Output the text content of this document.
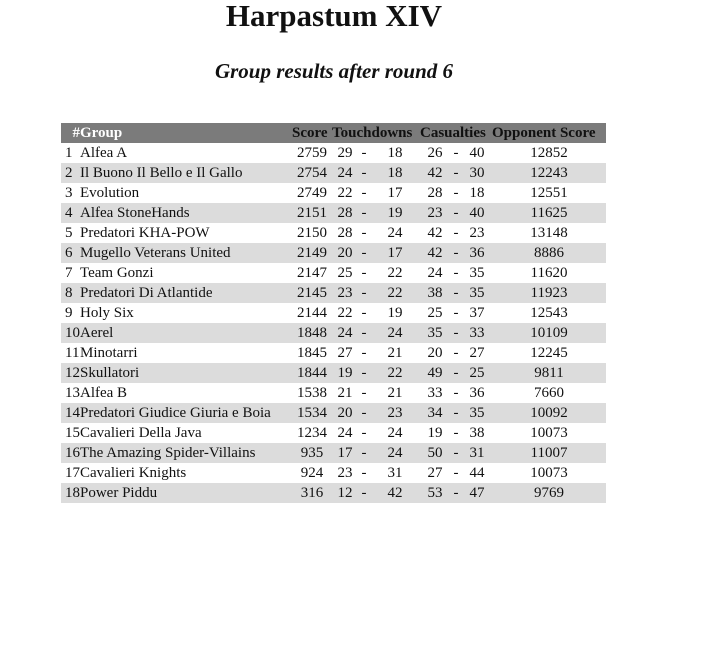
Harpastum XIV
Group results after round 6
#	Group	Score	Touchdowns			Casualties			Opponent Score
1	Alfea A	2759	29	-	18	26	-	40	12852
2	Il Buono Il Bello e Il Gallo	2754	24	-	18	42	-	30	12243
3	Evolution	2749	22	-	17	28	-	18	12551
4	Alfea StoneHands	2151	28	-	19	23	-	40	11625
5	Predatori KHA-POW	2150	28	-	24	42	-	23	13148
6	Mugello Veterans United	2149	20	-	17	42	-	36	8886
7	Team Gonzi	2147	25	-	22	24	-	35	11620
8	Predatori Di Atlantide	2145	23	-	22	38	-	35	11923
9	Holy Six	2144	22	-	19	25	-	37	12543
10	Aerel	1848	24	-	24	35	-	33	10109
11	Minotarri	1845	27	-	21	20	-	27	12245
12	Skullatori	1844	19	-	22	49	-	25	9811
13	Alfea B	1538	21	-	21	33	-	36	7660
14	Predatori Giudice Giuria e Boia	1534	20	-	23	34	-	35	10092
15	Cavalieri Della Java	1234	24	-	24	19	-	38	10073
16	The Amazing Spider-Villains	935	17	-	24	50	-	31	11007
17	Cavalieri Knights	924	23	-	31	27	-	44	10073
18	Power Piddu	316	12	-	42	53	-	47	9769
